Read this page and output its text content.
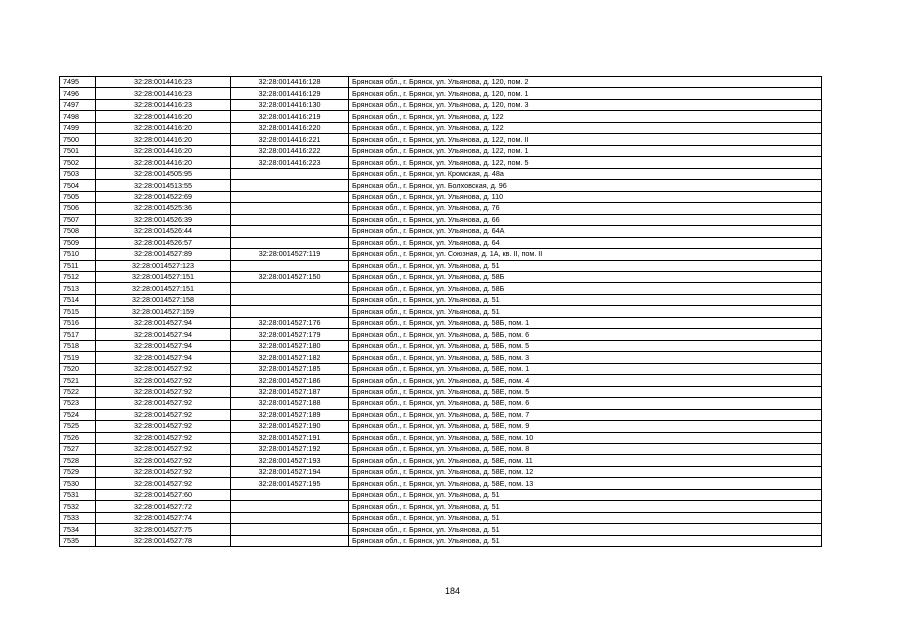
7495	32:28:0014416:23	32:28:0014416:128	Брянская обл., г. Брянск, ул. Ульянова, д. 120, пом. 2
7496	32:28:0014416:23	32:28:0014416:129	Брянская обл., г. Брянск, ул. Ульянова, д. 120, пом. 1
7497	32:28:0014416:23	32:28:0014416:130	Брянская обл., г. Брянск, ул. Ульянова, д. 120, пом. 3
7498	32:28:0014416:20	32:28:0014416:219	Брянская обл., г. Брянск, ул. Ульянова, д. 122
7499	32:28:0014416:20	32:28:0014416:220	Брянская обл., г. Брянск, ул. Ульянова, д. 122
7500	32:28:0014416:20	32:28:0014416:221	Брянская обл., г. Брянск, ул. Ульянова, д. 122, пом. II
7501	32:28:0014416:20	32:28:0014416:222	Брянская обл., г. Брянск, ул. Ульянова, д. 122, пом. 1
7502	32:28:0014416:20	32:28:0014416:223	Брянская обл., г. Брянск, ул. Ульянова, д. 122, пом. 5
7503	32:28:0014505:95		Брянская обл., г. Брянск, ул. Кромская, д. 48а
7504	32:28:0014513:55		Брянская обл., г. Брянск, ул. Болховская, д. 96
7505	32:28:0014522:69		Брянская обл., г. Брянск, ул. Ульянова, д. 110
7506	32:28:0014525:36		Брянская обл., г. Брянск, ул. Ульянова, д. 76
7507	32:28:0014526:39		Брянская обл., г. Брянск, ул. Ульянова, д. 66
7508	32:28:0014526:44		Брянская обл., г. Брянск, ул. Ульянова, д. 64А
7509	32:28:0014526:57		Брянская обл., г. Брянск, ул. Ульянова, д. 64
7510	32:28:0014527:89	32:28:0014527:119	Брянская обл., г. Брянск, ул. Союзная, д. 1А, кв. II, пом. II
7511	32:28:0014527:123		Брянская обл., г. Брянск, ул. Ульянова, д. 51
7512	32:28:0014527:151	32:28:0014527:150	Брянская обл., г. Брянск, ул. Ульянова, д. 58Б
7513	32:28:0014527:151		Брянская обл., г. Брянск, ул. Ульянова, д. 58Б
7514	32:28:0014527:158		Брянская обл., г. Брянск, ул. Ульянова, д. 51
7515	32:28:0014527:159		Брянская обл., г. Брянск, ул. Ульянова, д. 51
7516	32:28:0014527:94	32:28:0014527:176	Брянская обл., г. Брянск, ул. Ульянова, д. 58Б, пом. 1
7517	32:28:0014527:94	32:28:0014527:179	Брянская обл., г. Брянск, ул. Ульянова, д. 58Б, пом. 6
7518	32:28:0014527:94	32:28:0014527:180	Брянская обл., г. Брянск, ул. Ульянова, д. 58Б, пом. 5
7519	32:28:0014527:94	32:28:0014527:182	Брянская обл., г. Брянск, ул. Ульянова, д. 58Б, пом. 3
7520	32:28:0014527:92	32:28:0014527:185	Брянская обл., г. Брянск, ул. Ульянова, д. 58Е, пом. 1
7521	32:28:0014527:92	32:28:0014527:186	Брянская обл., г. Брянск, ул. Ульянова, д. 58Е, пом. 4
7522	32:28:0014527:92	32:28:0014527:187	Брянская обл., г. Брянск, ул. Ульянова, д. 58Е, пом. 5
7523	32:28:0014527:92	32:28:0014527:188	Брянская обл., г. Брянск, ул. Ульянова, д. 58Е, пом. 6
7524	32:28:0014527:92	32:28:0014527:189	Брянская обл., г. Брянск, ул. Ульянова, д. 58Е, пом. 7
7525	32:28:0014527:92	32:28:0014527:190	Брянская обл., г. Брянск, ул. Ульянова, д. 58Е, пом. 9
7526	32:28:0014527:92	32:28:0014527:191	Брянская обл., г. Брянск, ул. Ульянова, д. 58Е, пом. 10
7527	32:28:0014527:92	32:28:0014527:192	Брянская обл., г. Брянск, ул. Ульянова, д. 58Е, пом. 8
7528	32:28:0014527:92	32:28:0014527:193	Брянская обл., г. Брянск, ул. Ульянова, д. 58Е, пом. 11
7529	32:28:0014527:92	32:28:0014527:194	Брянская обл., г. Брянск, ул. Ульянова, д. 58Е, пом. 12
7530	32:28:0014527:92	32:28:0014527:195	Брянская обл., г. Брянск, ул. Ульянова, д. 58Е, пом. 13
7531	32:28:0014527:60		Брянская обл., г. Брянск, ул. Ульянова, д. 51
7532	32:28:0014527:72		Брянская обл., г. Брянск, ул. Ульянова, д. 51
7533	32:28:0014527:74		Брянская обл., г. Брянск, ул. Ульянова, д. 51
7534	32:28:0014527:75		Брянская обл., г. Брянск, ул. Ульянова, д. 51
7535	32:28:0014527:78		Брянская обл., г. Брянск, ул. Ульянова, д. 51
184
